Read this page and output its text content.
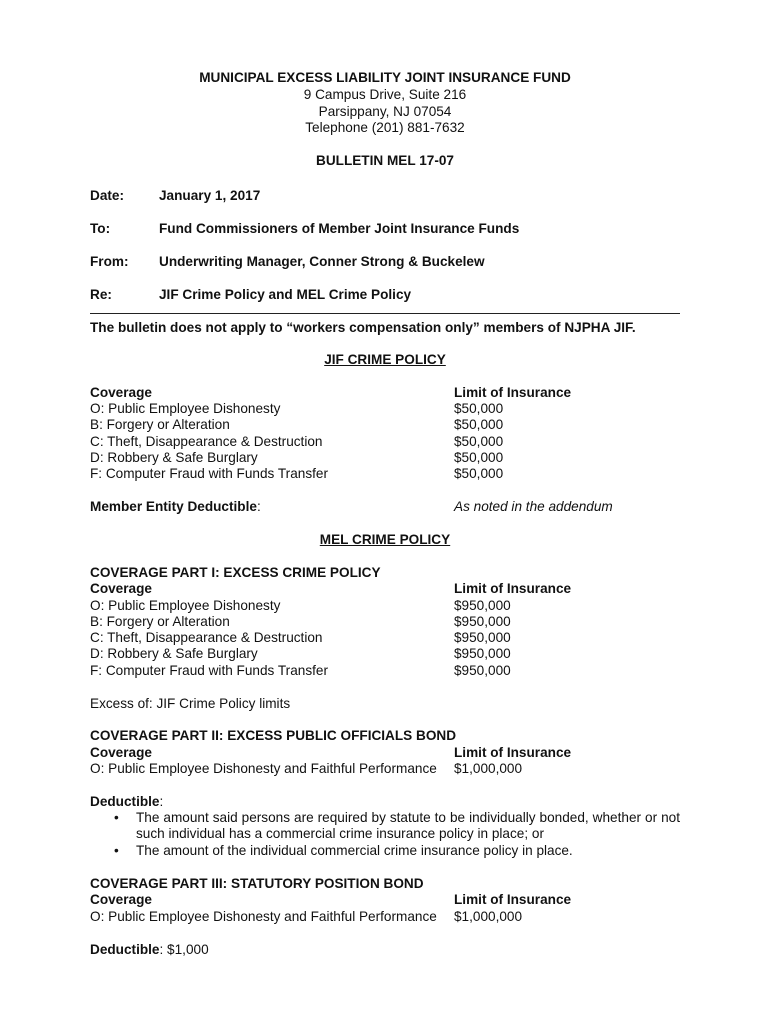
MUNICIPAL EXCESS LIABILITY JOINT INSURANCE FUND
9 Campus Drive, Suite 216
Parsippany, NJ 07054
Telephone (201) 881-7632
BULLETIN MEL 17-07
Date:	January 1, 2017
To:	Fund Commissioners of Member Joint Insurance Funds
From: Underwriting Manager, Conner Strong & Buckelew
Re:	JIF Crime Policy and MEL Crime Policy
The bulletin does not apply to “workers compensation only” members of NJPHA JIF.
JIF CRIME POLICY
Coverage	Limit of Insurance
O: Public Employee Dishonesty	$50,000
B: Forgery or Alteration	$50,000
C: Theft, Disappearance & Destruction	$50,000
D: Robbery & Safe Burglary	$50,000
F: Computer Fraud with Funds Transfer	$50,000
Member Entity Deductible:	As noted in the addendum
MEL CRIME POLICY
COVERAGE PART I: EXCESS CRIME POLICY
Coverage	Limit of Insurance
O: Public Employee Dishonesty	$950,000
B: Forgery or Alteration	$950,000
C: Theft, Disappearance & Destruction	$950,000
D: Robbery & Safe Burglary	$950,000
F: Computer Fraud with Funds Transfer	$950,000
Excess of: JIF Crime Policy limits
COVERAGE PART II: EXCESS PUBLIC OFFICIALS BOND
Coverage	Limit of Insurance
O: Public Employee Dishonesty and Faithful Performance $1,000,000
Deductible:
• The amount said persons are required by statute to be individually bonded, whether or not such individual has a commercial crime insurance policy in place; or
• The amount of the individual commercial crime insurance policy in place.
COVERAGE PART III: STATUTORY POSITION BOND
Coverage	Limit of Insurance
O: Public Employee Dishonesty and Faithful Performance $1,000,000
Deductible: $1,000
